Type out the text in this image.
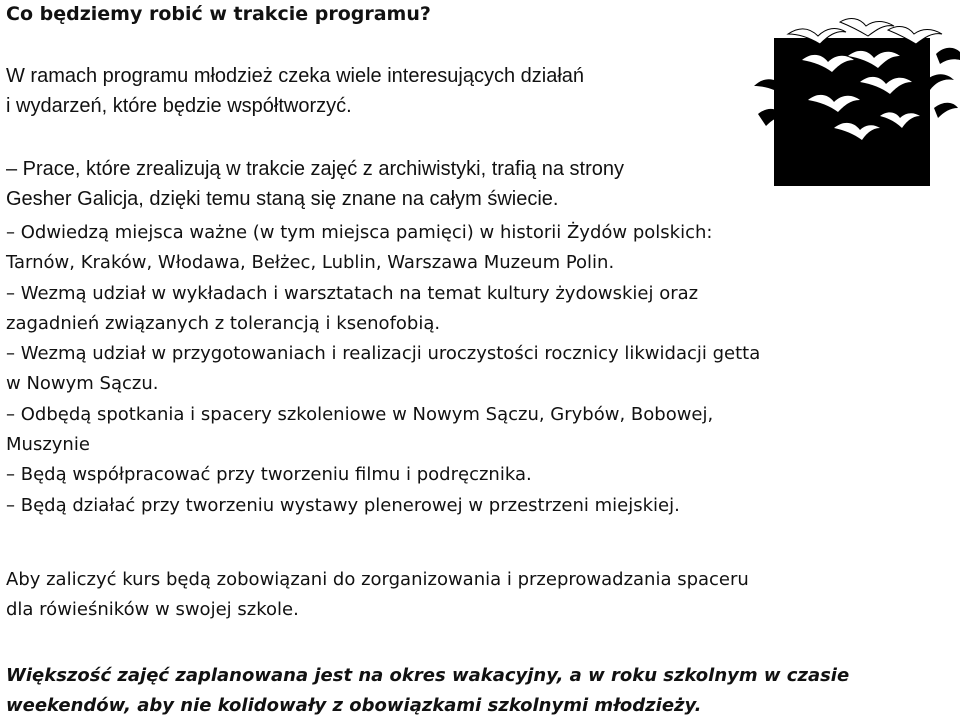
Co będziemy robić w trakcie programu?

W ramach programu młodzież czeka wiele interesujących działań
i wydarzeń, które będzie współtworzyć.

– Prace, które zrealizują w trakcie zajęć z archiwistyki, trafią na strony
Gesher Galicja, dzięki temu staną się znane na całym świecie.

– Odwiedzą miejsca ważne (w tym miejsca pamięci) w historii Żydów polskich:
Tarnów, Kraków, Włodawa, Bełżec, Lublin, Warszawa Muzeum Polin.
– Wezmą udział w wykładach i warsztatach na temat kultury żydowskiej oraz
zagadnień związanych z tolerancją i ksenofobią.
– Wezmą udział w przygotowaniach i realizacji uroczystości rocznicy likwidacji getta
w Nowym Sączu.
– Odbędą spotkania i spacery szkoleniowe w Nowym Sączu, Grybów, Bobowej,
Muszynie
– Będą współpracować przy tworzeniu filmu i podręcznika.
– Będą działać przy tworzeniu wystawy plenerowej w przestrzeni miejskiej.

Aby zaliczyć kurs będą zobowiązani do zorganizowania i przeprowadzania spaceru
dla rówieśników w swojej szkole.

Większość zajęć zaplanowana jest na okres wakacyjny, a w roku szkolnym w czasie
weekendów, aby nie kolidowały z obowiązkami szkolnymi młodzieży.
